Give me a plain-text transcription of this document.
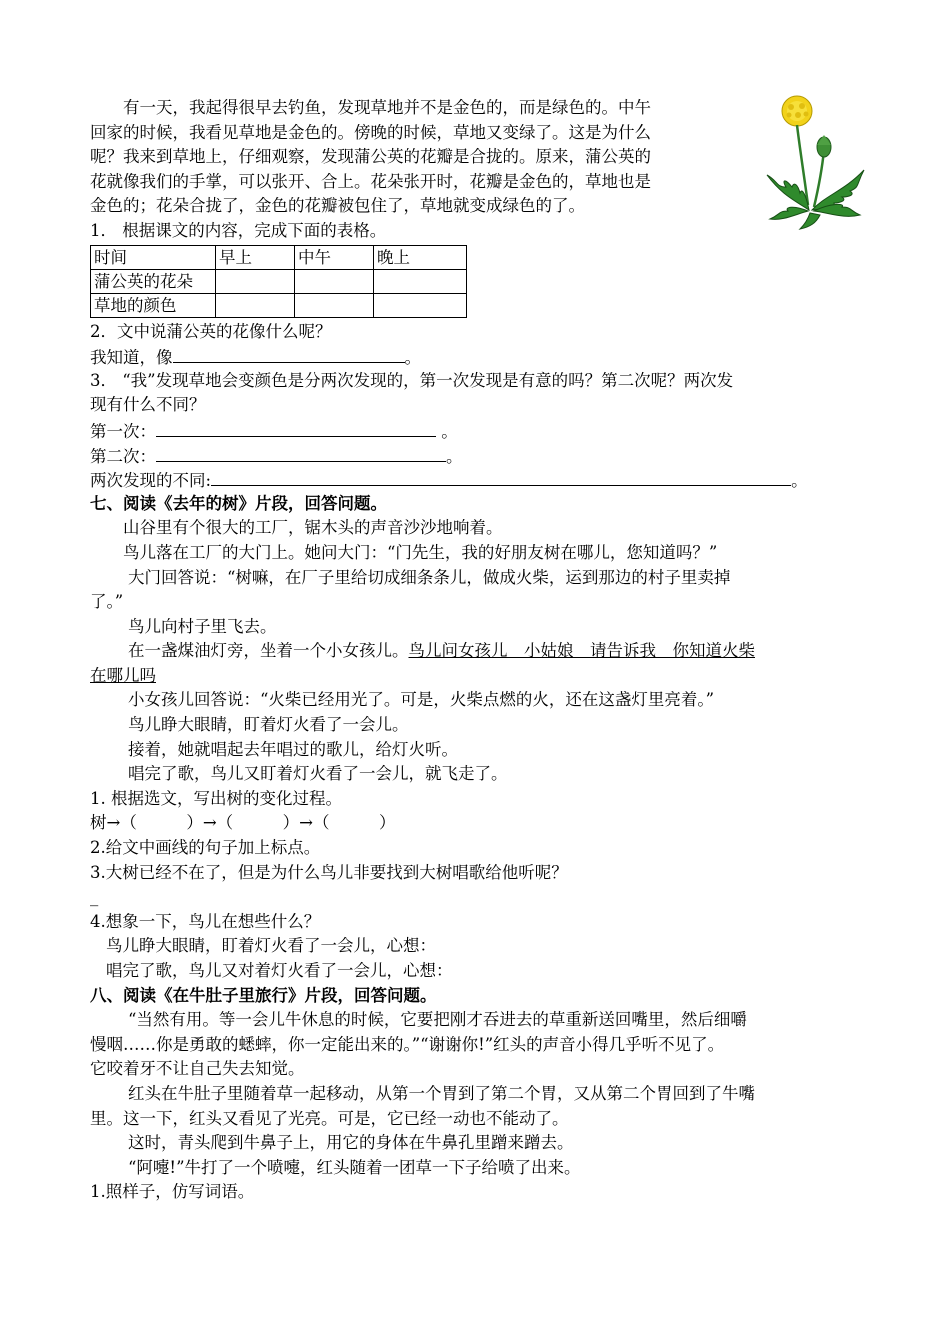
有一天，我起得很早去钓鱼，发现草地并不是金色的，而是绿色的。中午
回家的时候，我看见草地是金色的。傍晚的时候，草地又变绿了。这是为什么
呢？我来到草地上，仔细观察，发现蒲公英的花瓣是合拢的。原来，蒲公英的
花就像我们的手掌，可以张开、合上。花朵张开时，花瓣是金色的，草地也是
金色的；花朵合拢了，金色的花瓣被包住了，草地就变成绿色的了。
1． 根据课文的内容，完成下面的表格。
时间	早上	中午	晚上
蒲公英的花朵			
草地的颜色			
2．文中说蒲公英的花像什么呢？
我知道，像	。
3． “我”发现草地会变颜色是分两次发现的，第一次发现是有意的吗？第二次呢？两次发
现有什么不同？
第一次：	。
第二次：	。
两次发现的不同:	。
七、阅读《去年的树》片段，回答问题。
山谷里有个很大的工厂，锯木头的声音沙沙地响着。
鸟儿落在工厂的大门上。她问大门：“门先生，我的好朋友树在哪儿，您知道吗？”
大门回答说：“树嘛，在厂子里给切成细条条儿，做成火柴，运到那边的村子里卖掉
了。”
鸟儿向村子里飞去。
在一盏煤油灯旁，坐着一个小女孩儿。鸟儿问女孩儿　小姑娘　请告诉我　你知道火柴
在哪儿吗
小女孩儿回答说：“火柴已经用光了。可是，火柴点燃的火，还在这盏灯里亮着。”
鸟儿睁大眼睛，盯着灯火看了一会儿。
接着，她就唱起去年唱过的歌儿，给灯火听。
唱完了歌，鸟儿又盯着灯火看了一会儿，就飞走了。
1. 根据选文，写出树的变化过程。
树→（　　　）→（　　　）→（　　　）
2.给文中画线的句子加上标点。
3.大树已经不在了，但是为什么鸟儿非要找到大树唱歌给他听呢？
_
4.想象一下，鸟儿在想些什么？
鸟儿睁大眼睛，盯着灯火看了一会儿，心想：
唱完了歌，鸟儿又对着灯火看了一会儿，心想：
八、阅读《在牛肚子里旅行》片段，回答问题。
“当然有用。等一会儿牛休息的时候，它要把刚才吞进去的草重新送回嘴里，然后细嚼
慢咽……你是勇敢的蟋蟀，你一定能出来的。”“谢谢你!”红头的声音小得几乎听不见了。
它咬着牙不让自己失去知觉。
红头在牛肚子里随着草一起移动，从第一个胃到了第二个胃，又从第二个胃回到了牛嘴
里。这一下，红头又看见了光亮。可是，它已经一动也不能动了。
这时，青头爬到牛鼻子上，用它的身体在牛鼻孔里蹭来蹭去。
“阿嚏!”牛打了一个喷嚏，红头随着一团草一下子给喷了出来。
1.照样子，仿写词语。
